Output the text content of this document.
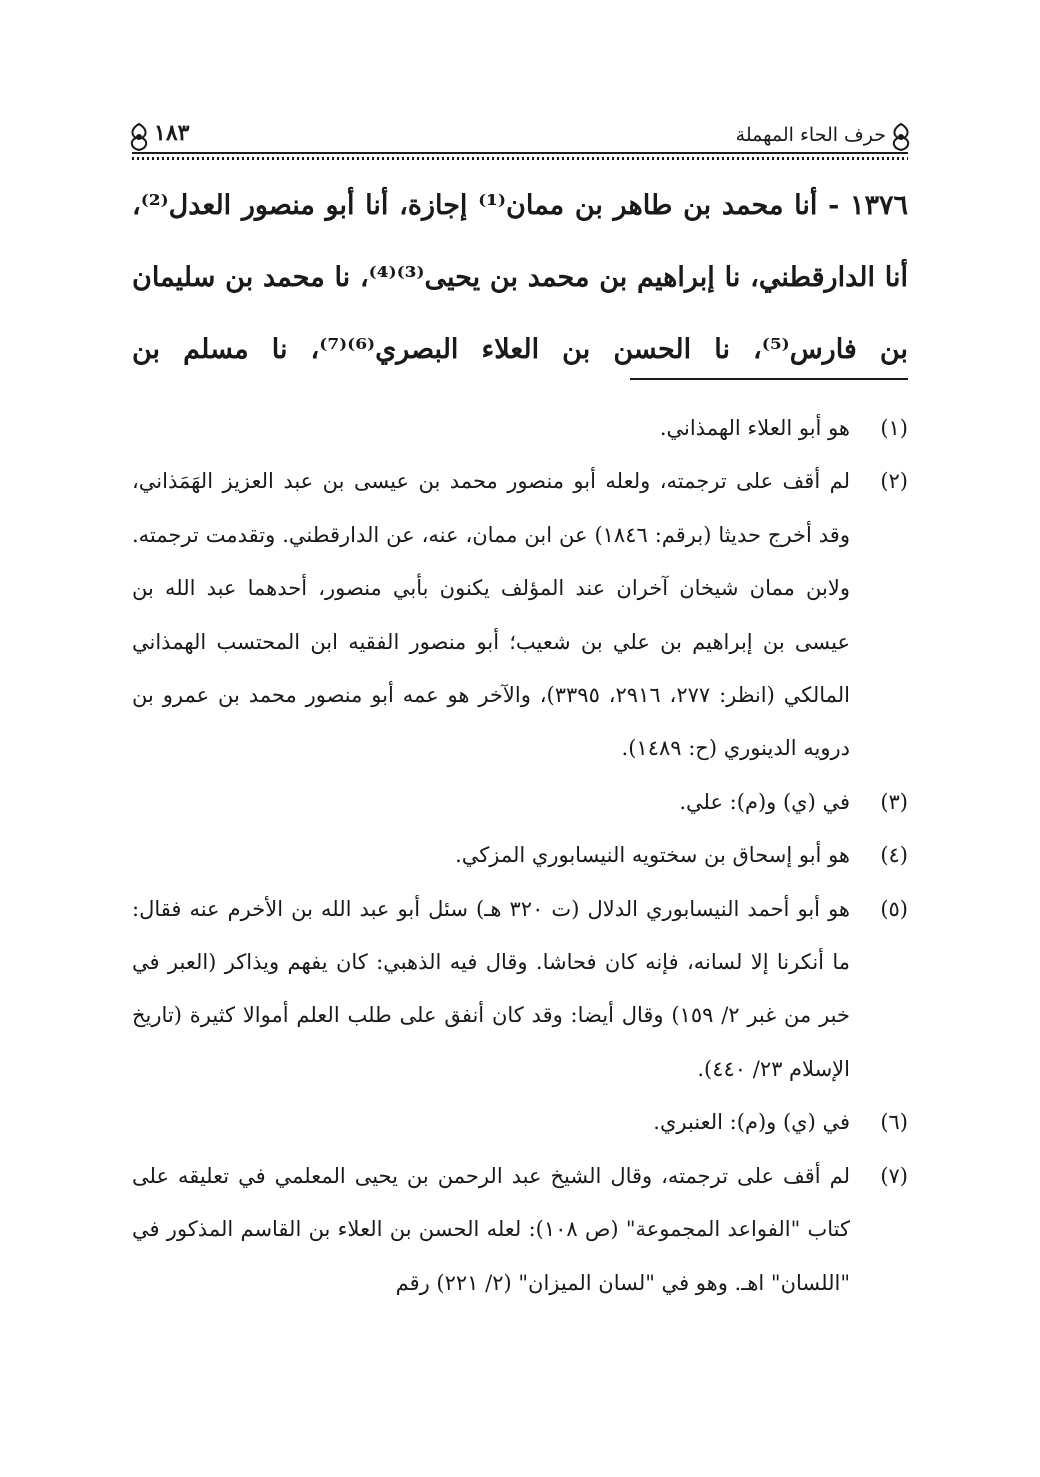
حرف الحاء المهملة
١٨٣

١٣٧٦ - أنا محمد بن طاهر بن ممان⁽¹⁾ إجازة، أنا أبو منصور العدل⁽²⁾، أنا الدارقطني، نا إبراهيم بن محمد بن يحيى⁽³⁾⁽⁴⁾، نا محمد بن سليمان بن فارس⁽⁵⁾، نا الحسن بن العلاء البصري⁽⁶⁾⁽⁷⁾، نا مسلم بن

(١)
هو أبو العلاء الهمذاني.
(٢)
لم أقف على ترجمته، ولعله أبو منصور محمد بن عيسى بن عبد العزيز الهَمَذاني، وقد أخرج حديثا (برقم: ١٨٤٦) عن ابن ممان، عنه، عن الدارقطني. وتقدمت ترجمته. ولابن ممان شيخان آخران عند المؤلف يكنون بأبي منصور، أحدهما عبد الله بن عيسى بن إبراهيم بن علي بن شعيب؛ أبو منصور الفقيه ابن المحتسب الهمذاني المالكي (انظر: ٢٧٧، ٢٩١٦، ٣٣٩٥)، والآخر هو عمه أبو منصور محمد بن عمرو بن درويه الدينوري (ح: ١٤٨٩).
(٣)
في (ي) و(م): علي.
(٤)
هو أبو إسحاق بن سختويه النيسابوري المزكي.
(٥)
هو أبو أحمد النيسابوري الدلال (ت ٣٢٠ هـ) سئل أبو عبد الله بن الأخرم عنه فقال: ما أنكرنا إلا لسانه، فإنه كان فحاشا. وقال فيه الذهبي: كان يفهم ويذاكر (العبر في خبر من غبر ٢/ ١٥٩) وقال أيضا: وقد كان أنفق على طلب العلم أموالا كثيرة (تاريخ الإسلام ٢٣/ ٤٤٠).
(٦)
في (ي) و(م): العنبري.
(٧)
لم أقف على ترجمته، وقال الشيخ عبد الرحمن بن يحيى المعلمي في تعليقه على كتاب "الفواعد المجموعة" (ص ١٠٨): لعله الحسن بن العلاء بن القاسم المذكور في "اللسان" اهـ. وهو في "لسان الميزان" (٢/ ٢٢١) رقم
